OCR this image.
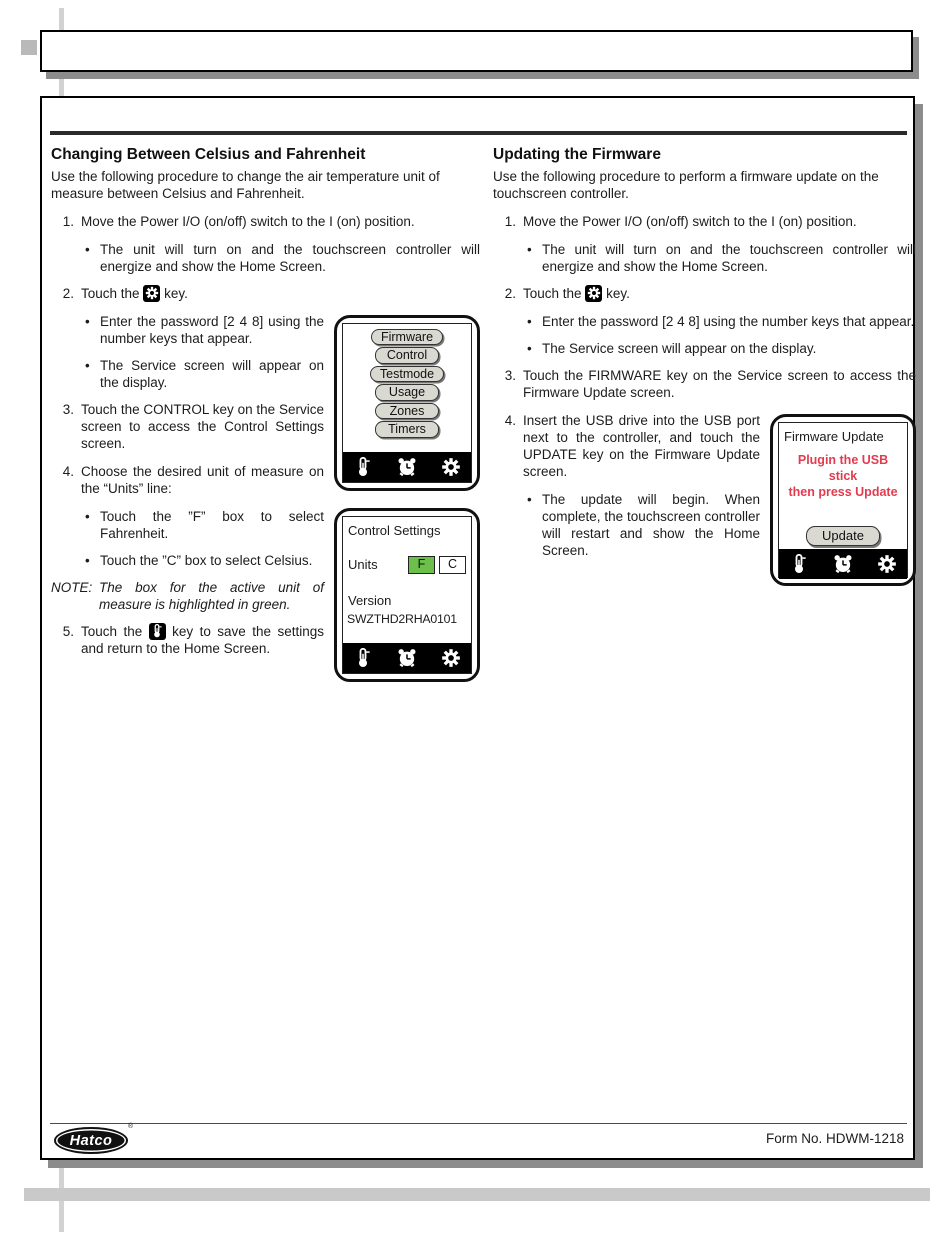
Changing Between Celsius and Fahrenheit

Use the following procedure to change the air temperature unit of measure between Celsius and Fahrenheit.

1. Move the Power I/O (on/off) switch to the I (on) position.
• The unit will turn on and the touchscreen controller will energize and show the Home Screen.
2. Touch the key.
Firmware
Control
Testmode
Usage
Zones
Timers
Control Settings
Units	F	C
Version
SWZTHD2RHA0101
• Enter the password [2 4 8] using the number keys that appear.
• The Service screen will appear on the display.
3. Touch the CONTROL key on the Service screen to access the Control Settings screen.
4. Choose the desired unit of measure on the “Units” line:
• Touch the ”F” box to select Fahrenheit.
• Touch the ”C” box to select Celsius.
NOTE: The box for the active unit of measure is highlighted in green.
5. Touch the key to save the settings and return to the Home Screen.
Updating the Firmware

Use the following procedure to perform a firmware update on the touchscreen controller.

1. Move the Power I/O (on/off) switch to the I (on) position.
• The unit will turn on and the touchscreen controller will energize and show the Home Screen.
2. Touch the key.
• Enter the password [2 4 8] using the number keys that appear.
• The Service screen will appear on the display.
3. Touch the FIRMWARE key on the Service screen to access the Firmware Update screen.
Firmware Update
Plugin the USB stick
then press Update
Update
4. Insert the USB drive into the USB port next to the controller, and touch the UPDATE key on the Firmware Update screen.
• The update will begin. When complete, the touchscreen controller will restart and show the Home Screen.
Hatco
®
Form No. HDWM-1218
